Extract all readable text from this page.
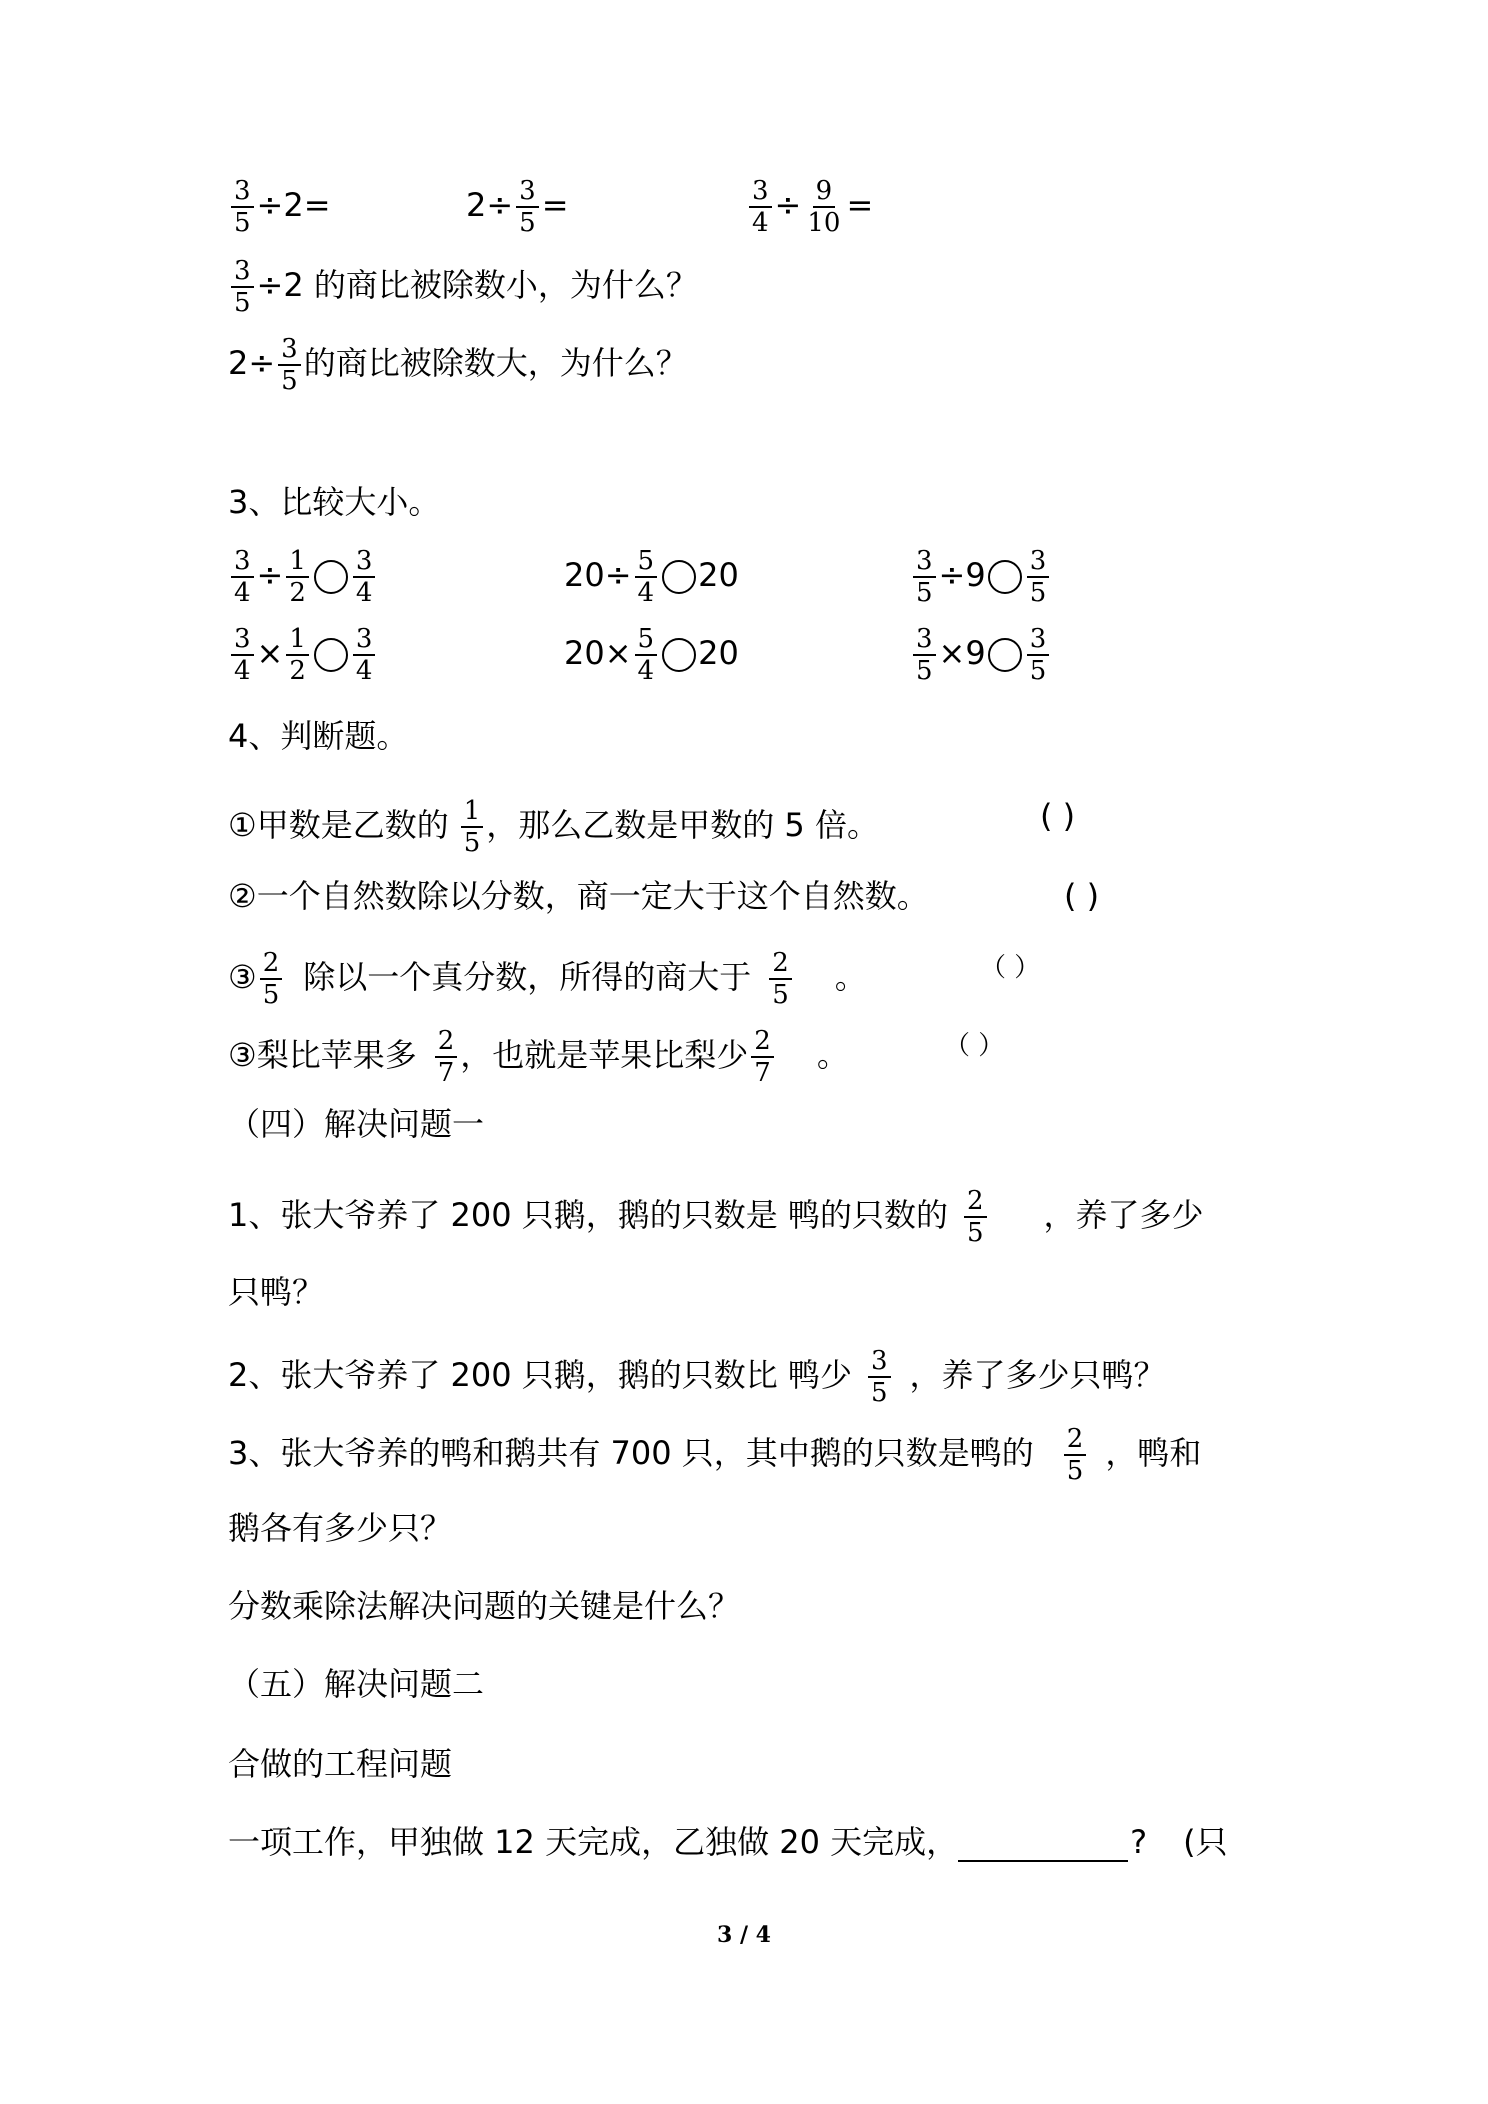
$\frac{3}{5} \div 2=$	$2\div \frac{3}{5}$ =	$\frac{3}{4} \div \frac{9}{10}$ =
$\frac{3}{5} \div 2$ 的商比被除数小，为什么？
$2\div \frac{3}{5}$ 的商比被除数大，为什么？
3、比较大小。
$\frac{3}{4} \div \frac{1}{2} \frac{3}{4}$	$20\div \frac{5}{4} 20$	$\frac{3}{5} \div 9 \frac{3}{5}$
$\frac{3}{4} \times \frac{1}{2} \frac{3}{4}$	$20\times \frac{5}{4} 20$	$\frac{3}{5} \times 9 \frac{3}{5}$
4、判断题。
①甲数是乙数的 $\frac{1}{5}$ ，那么乙数是甲数的 5 倍。	( )
②一个自然数除以分数，商一定大于这个自然数。	( )
③ $\frac{2}{5}$ 除以一个真分数，所得的商大于 $\frac{2}{5}$ 。	（ ）
③梨比苹果多 $\frac{2}{7}$ ，也就是苹果比梨少 $\frac{2}{7}$ 。	（ ）
（四）解决问题一
1、张大爷养了 200 只鹅，鹅的只数是 鸭的只数的 $\frac{2}{5}$ ，养了多少
只鸭？
2、张大爷养了 200 只鹅，鹅的只数比 鸭少 $\frac{3}{5}$ ，养了多少只鸭？
3、张大爷养的鸭和鹅共有 700 只，其中鹅的只数是鸭的 $\frac{2}{5}$ ，鸭和
鹅各有多少只？
分数乘除法解决问题的关键是什么？
（五）解决问题二
合做的工程问题
一项工作，甲独做 12 天完成，乙独做 20 天完成，	? (只
3 / 4
